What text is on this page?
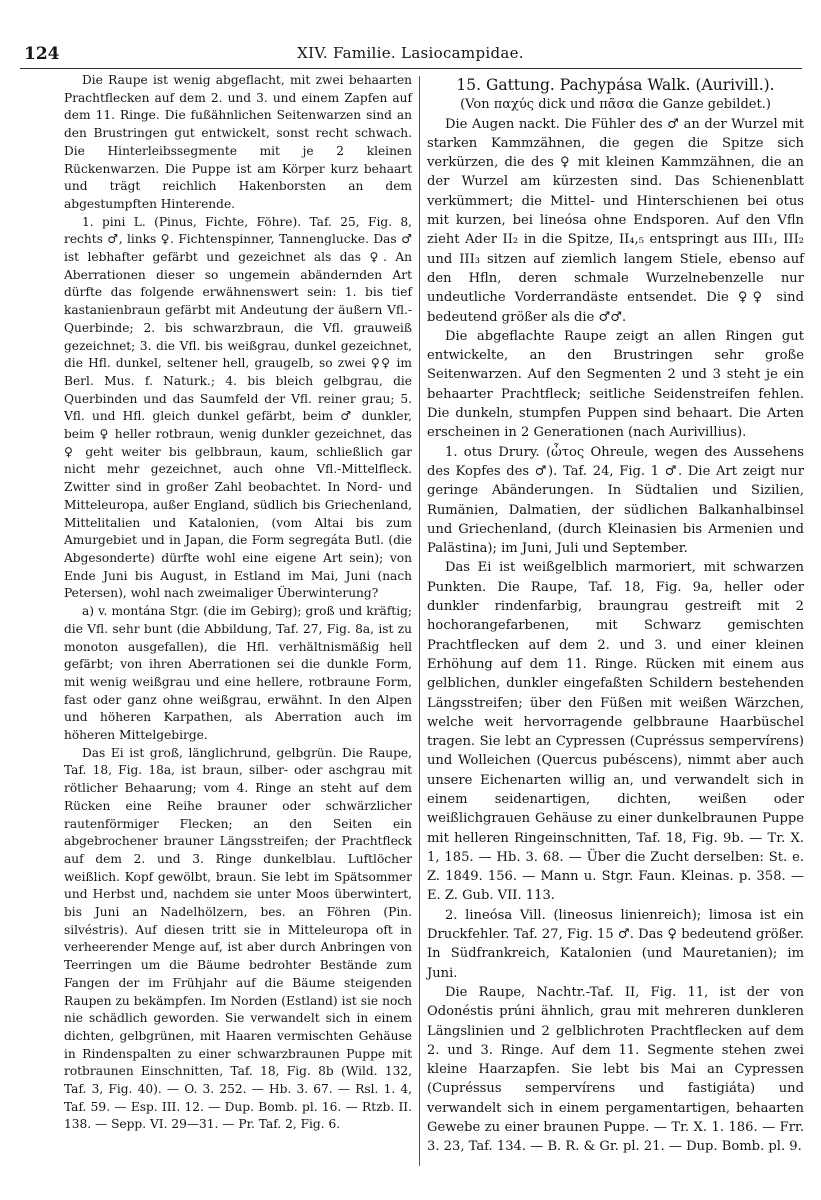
124	XIV. Familie. Lasiocampidae.

Die Raupe ist wenig abgeflacht, mit zwei behaarten Prachtflecken auf dem 2. und 3. und einem Zapfen auf dem 11. Ringe. Die fußähnlichen Seitenwarzen sind an den Brustringen gut entwickelt, sonst recht schwach. Die Hinterleibssegmente mit je 2 kleinen Rückenwarzen. Die Puppe ist am Körper kurz behaart und trägt reichlich Hakenborsten an dem abgestumpften Hinterende.

1. pini L. (Pinus, Fichte, Föhre). Taf. 25, Fig. 8, rechts ♂, links ♀. Fichtenspinner, Tannenglucke. Das ♂ ist lebhafter gefärbt und gezeichnet als das ♀. An Aberrationen dieser so ungemein abändernden Art dürfte das folgende erwähnenswert sein: 1. bis tief kastanienbraun gefärbt mit Andeutung der äußern Vfl.-Querbinde; 2. bis schwarzbraun, die Vfl. grauweiß gezeichnet; 3. die Vfl. bis weißgrau, dunkel gezeichnet, die Hfl. dunkel, seltener hell, graugelb, so zwei ♀♀ im Berl. Mus. f. Naturk.; 4. bis bleich gelbgrau, die Querbinden und das Saumfeld der Vfl. reiner grau; 5. Vfl. und Hfl. gleich dunkel gefärbt, beim ♂ dunkler, beim ♀ heller rotbraun, wenig dunkler gezeichnet, das ♀ geht weiter bis gelbbraun, kaum, schließlich gar nicht mehr gezeichnet, auch ohne Vfl.-Mittelfleck. Zwitter sind in großer Zahl beobachtet. In Nord- und Mitteleuropa, außer England, südlich bis Griechenland, Mittelitalien und Katalonien, (vom Altai bis zum Amurgebiet und in Japan, die Form segregáta Butl. (die Abgesonderte) dürfte wohl eine eigene Art sein); von Ende Juni bis August, in Estland im Mai, Juni (nach Petersen), wohl nach zweimaliger Überwinterung?

a) v. montána Stgr. (die im Gebirg); groß und kräftig; die Vfl. sehr bunt (die Abbildung, Taf. 27, Fig. 8a, ist zu monoton ausgefallen), die Hfl. verhältnismäßig hell gefärbt; von ihren Aberrationen sei die dunkle Form, mit wenig weißgrau und eine hellere, rotbraune Form, fast oder ganz ohne weißgrau, erwähnt. In den Alpen und höheren Karpathen, als Aberration auch im höheren Mittelgebirge.

Das Ei ist groß, länglichrund, gelbgrün. Die Raupe, Taf. 18, Fig. 18a, ist braun, silber- oder aschgrau mit rötlicher Behaarung; vom 4. Ringe an steht auf dem Rücken eine Reihe brauner oder schwärzlicher rautenförmiger Flecken; an den Seiten ein abgebrochener brauner Längsstreifen; der Prachtfleck auf dem 2. und 3. Ringe dunkelblau. Luftlöcher weißlich. Kopf gewölbt, braun. Sie lebt im Spätsommer und Herbst und, nachdem sie unter Moos überwintert, bis Juni an Nadelhölzern, bes. an Föhren (Pin. silvéstris). Auf diesen tritt sie in Mitteleuropa oft in verheerender Menge auf, ist aber durch Anbringen von Teerringen um die Bäume bedrohter Bestände zum Fangen der im Frühjahr auf die Bäume steigenden Raupen zu bekämpfen. Im Norden (Estland) ist sie noch nie schädlich geworden. Sie verwandelt sich in einem dichten, gelbgrünen, mit Haaren vermischten Gehäuse in Rindenspalten zu einer schwarzbraunen Puppe mit rotbraunen Einschnitten, Taf. 18, Fig. 8b (Wild. 132, Taf. 3, Fig. 40). — O. 3. 252. — Hb. 3. 67. — Rsl. 1. 4, Taf. 59. — Esp. III. 12. — Dup. Bomb. pl. 16. — Rtzb. II. 138. — Sepp. VI. 29—31. — Pr. Taf. 2, Fig. 6.

15. Gattung. Pachypása Walk. (Aurivill.).

(Von παχύς dick und πᾶσα die Ganze gebildet.)

Die Augen nackt. Die Fühler des ♂ an der Wurzel mit starken Kammzähnen, die gegen die Spitze sich verkürzen, die des ♀ mit kleinen Kammzähnen, die an der Wurzel am kürzesten sind. Das Schienenblatt verkümmert; die Mittel- und Hinterschienen bei otus mit kurzen, bei lineósa ohne Endsporen. Auf den Vfln zieht Ader II₂ in die Spitze, II₄,₅ entspringt aus III₁, III₂ und III₃ sitzen auf ziemlich langem Stiele, ebenso auf den Hfln, deren schmale Wurzelnebenzelle nur undeutliche Vorderrandäste entsendet. Die ♀♀ sind bedeutend größer als die ♂♂.

Die abgeflachte Raupe zeigt an allen Ringen gut entwickelte, an den Brustringen sehr große Seitenwarzen. Auf den Segmenten 2 und 3 steht je ein behaarter Prachtfleck; seitliche Seidenstreifen fehlen. Die dunkeln, stumpfen Puppen sind behaart. Die Arten erscheinen in 2 Generationen (nach Aurivillius).

1. otus Drury. (ὦτος Ohreule, wegen des Aussehens des Kopfes des ♂). Taf. 24, Fig. 1 ♂. Die Art zeigt nur geringe Abänderungen. In Südtalien und Sizilien, Rumänien, Dalmatien, der südlichen Balkanhalbinsel und Griechenland, (durch Kleinasien bis Armenien und Palästina); im Juni, Juli und September.

Das Ei ist weißgelblich marmoriert, mit schwarzen Punkten. Die Raupe, Taf. 18, Fig. 9a, heller oder dunkler rindenfarbig, braungrau gestreift mit 2 hochorangefarbenen, mit Schwarz gemischten Prachtflecken auf dem 2. und 3. und einer kleinen Erhöhung auf dem 11. Ringe. Rücken mit einem aus gelblichen, dunkler eingefaßten Schildern bestehenden Längsstreifen; über den Füßen mit weißen Wärzchen, welche weit hervorragende gelbbraune Haarbüschel tragen. Sie lebt an Cypressen (Cupréssus sempervírens) und Wolleichen (Quercus pubéscens), nimmt aber auch unsere Eichenarten willig an, und verwandelt sich in einem seidenartigen, dichten, weißen oder weißlichgrauen Gehäuse zu einer dunkelbraunen Puppe mit helleren Ringeinschnitten, Taf. 18, Fig. 9b. — Tr. X. 1, 185. — Hb. 3. 68. — Über die Zucht derselben: St. e. Z. 1849. 156. — Mann u. Stgr. Faun. Kleinas. p. 358. — E. Z. Gub. VII. 113.

2. lineósa Vill. (lineosus linienreich); limosa ist ein Druckfehler. Taf. 27, Fig. 15 ♂. Das ♀ bedeutend größer. In Südfrankreich, Katalonien (und Mauretanien); im Juni.

Die Raupe, Nachtr.-Taf. II, Fig. 11, ist der von Odonéstis prúni ähnlich, grau mit mehreren dunkleren Längslinien und 2 gelblichroten Prachtflecken auf dem 2. und 3. Ringe. Auf dem 11. Segmente stehen zwei kleine Haarzapfen. Sie lebt bis Mai an Cypressen (Cupréssus sempervírens und fastigiáta) und verwandelt sich in einem pergamentartigen, behaarten Gewebe zu einer braunen Puppe. — Tr. X. 1. 186. — Frr. 3. 23, Taf. 134. — B. R. & Gr. pl. 21. — Dup. Bomb. pl. 9.
